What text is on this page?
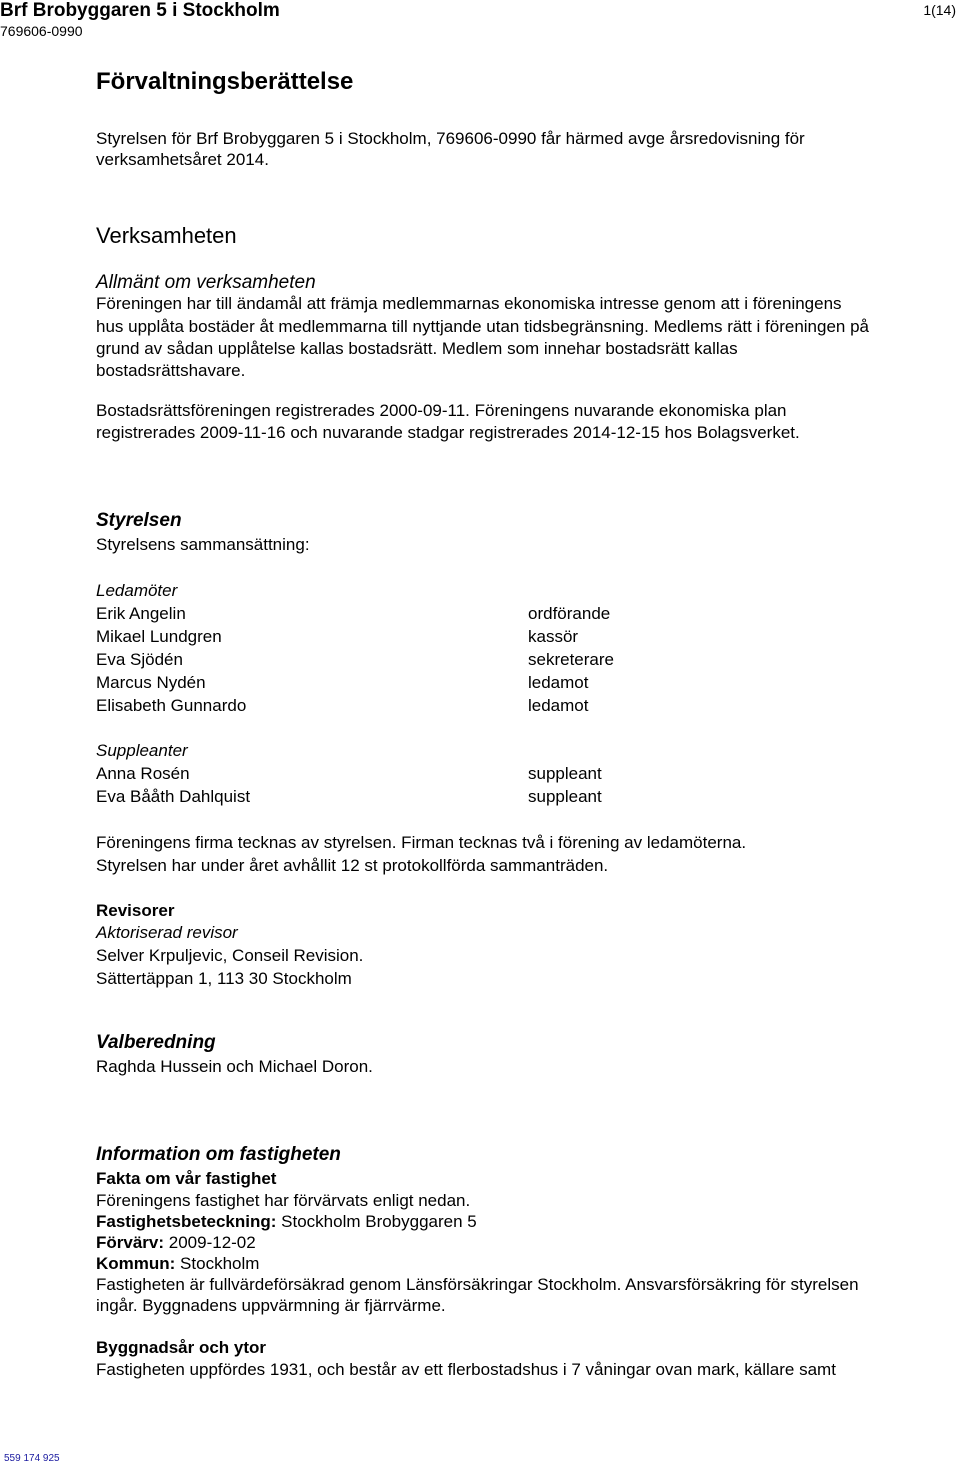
Brf Brobyggaren 5 i Stockholm
769606-0990
1(14)
Förvaltningsberättelse
Styrelsen för Brf Brobyggaren 5 i Stockholm, 769606-0990 får härmed avge årsredovisning för
verksamhetsåret 2014.
Verksamheten
Allmänt om verksamheten
Föreningen har till ändamål att främja medlemmarnas ekonomiska intresse genom att i föreningens
hus upplåta bostäder åt medlemmarna till nyttjande utan tidsbegränsning. Medlems rätt i föreningen på
grund av sådan upplåtelse kallas bostadsrätt. Medlem som innehar bostadsrätt kallas
bostadsrättshavare.
Bostadsrättsföreningen registrerades 2000-09-11. Föreningens nuvarande ekonomiska plan
registrerades 2009-11-16 och nuvarande stadgar registrerades 2014-12-15 hos Bolagsverket.
Styrelsen
Styrelsens sammansättning:
Ledamöter
Erik Angelin	ordförande
Mikael Lundgren	kassör
Eva Sjödén	sekreterare
Marcus Nydén	ledamot
Elisabeth Gunnardo	ledamot
Suppleanter
Anna Rosén	suppleant
Eva Bååth Dahlquist	suppleant
Föreningens firma tecknas av styrelsen. Firman tecknas två i förening av ledamöterna.
Styrelsen har under året avhållit 12 st protokollförda sammanträden.
Revisorer
Aktoriserad revisor
Selver Krpuljevic, Conseil Revision.
Sättertäppan 1, 113 30 Stockholm
Valberedning
Raghda Hussein och Michael Doron.
Information om fastigheten
Fakta om vår fastighet
Föreningens fastighet har förvärvats enligt nedan.
Fastighetsbeteckning: Stockholm Brobyggaren 5
Förvärv: 2009-12-02
Kommun: Stockholm
Fastigheten är fullvärdeförsäkrad genom Länsförsäkringar Stockholm. Ansvarsförsäkring för styrelsen
ingår. Byggnadens uppvärmning är fjärrvärme.
Byggnadsår och ytor
Fastigheten uppfördes 1931, och består av ett flerbostadshus i 7 våningar ovan mark, källare samt
559 174 925
